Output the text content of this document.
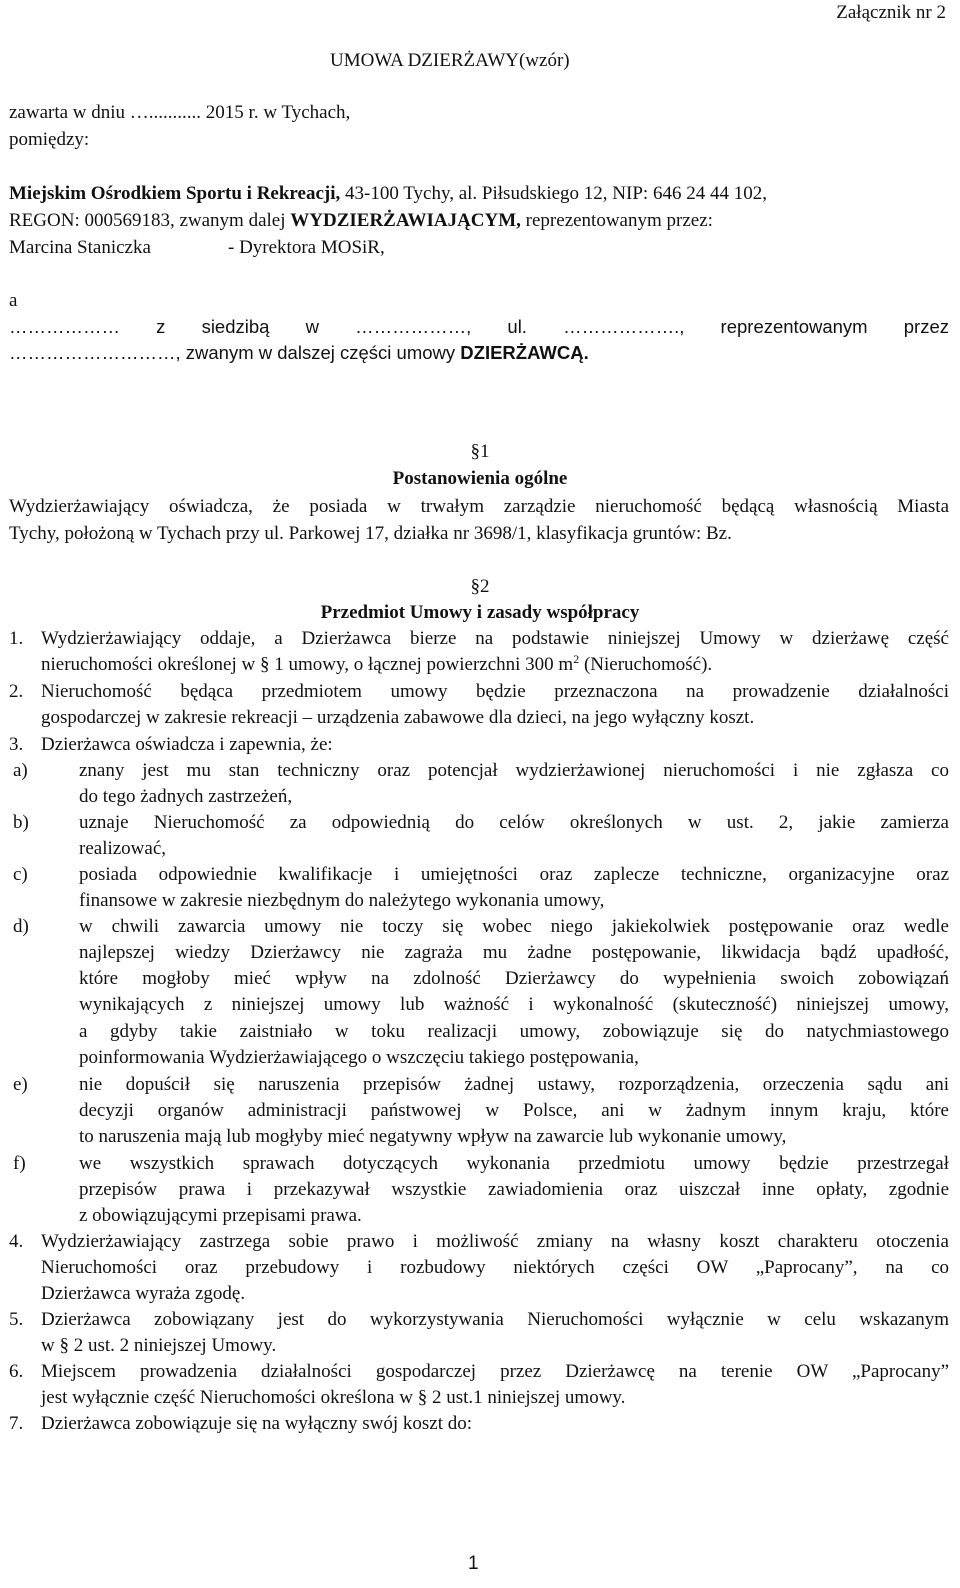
Załącznik nr 2
UMOWA DZIERŻAWY(wzór)
zawarta w dniu …........... 2015 r. w Tychach,
pomiędzy:
Miejskim Ośrodkiem Sportu i Rekreacji, 43-100 Tychy, al. Piłsudskiego 12, NIP: 646 24 44 102,
REGON: 000569183, zwanym dalej WYDZIERŻAWIAJĄCYM, reprezentowanym przez:
Marcina Staniczka	- Dyrektora MOSiR,
a
……………… z siedzibą w ………………, ul. ………………., reprezentowanym przez
………………………, zwanym w dalszej części umowy DZIERŻAWCĄ.
§1
Postanowienia ogólne
Wydzierżawiający oświadcza, że posiada w trwałym zarządzie nieruchomość będącą własnością Miasta
Tychy, położoną w Tychach przy ul. Parkowej 17, działka nr 3698/1, klasyfikacja gruntów: Bz.
§2
Przedmiot Umowy i zasady współpracy
1. Wydzierżawiający oddaje, a Dzierżawca bierze na podstawie niniejszej Umowy w dzierżawę część
nieruchomości określonej w § 1 umowy, o łącznej powierzchni 300 $m^2$ (Nieruchomość).
2. Nieruchomość będąca przedmiotem umowy będzie przeznaczona na prowadzenie działalności
gospodarczej w zakresie rekreacji – urządzenia zabawowe dla dzieci, na jego wyłączny koszt.
3. Dzierżawca oświadcza i zapewnia, że:
a)	znany jest mu stan techniczny oraz potencjał wydzierżawionej nieruchomości i nie zgłasza co
do tego żadnych zastrzeżeń,
b)	uznaje Nieruchomość za odpowiednią do celów określonych w ust. 2, jakie zamierza
realizować,
c)	posiada odpowiednie kwalifikacje i umiejętności oraz zaplecze techniczne, organizacyjne oraz
finansowe w zakresie niezbędnym do należytego wykonania umowy,
d)	w chwili zawarcia umowy nie toczy się wobec niego jakiekolwiek postępowanie oraz wedle
najlepszej wiedzy Dzierżawcy nie zagraża mu żadne postępowanie, likwidacja bądź upadłość,
które mogłoby mieć wpływ na zdolność Dzierżawcy do wypełnienia swoich zobowiązań
wynikających z niniejszej umowy lub ważność i wykonalność (skuteczność) niniejszej umowy,
a gdyby takie zaistniało w toku realizacji umowy, zobowiązuje się do natychmiastowego
poinformowania Wydzierżawiającego o wszczęciu takiego postępowania,
e)	nie dopuścił się naruszenia przepisów żadnej ustawy, rozporządzenia, orzeczenia sądu ani
decyzji organów administracji państwowej w Polsce, ani w żadnym innym kraju, które
to naruszenia mają lub mogłyby mieć negatywny wpływ na zawarcie lub wykonanie umowy,
f)	we wszystkich sprawach dotyczących wykonania przedmiotu umowy będzie przestrzegał
przepisów prawa i przekazywał wszystkie zawiadomienia oraz uiszczał inne opłaty, zgodnie
z obowiązującymi przepisami prawa.
4. Wydzierżawiający zastrzega sobie prawo i możliwość zmiany na własny koszt charakteru otoczenia
Nieruchomości oraz przebudowy i rozbudowy niektórych części OW „Paprocany”, na co
Dzierżawca wyraża zgodę.
5. Dzierżawca zobowiązany jest do wykorzystywania Nieruchomości wyłącznie w celu wskazanym
w § 2 ust. 2 niniejszej Umowy.
6. Miejscem prowadzenia działalności gospodarczej przez Dzierżawcę na terenie OW „Paprocany”
jest wyłącznie część Nieruchomości określona w § 2 ust.1 niniejszej umowy.
7. Dzierżawca zobowiązuje się na wyłączny swój koszt do:
1
